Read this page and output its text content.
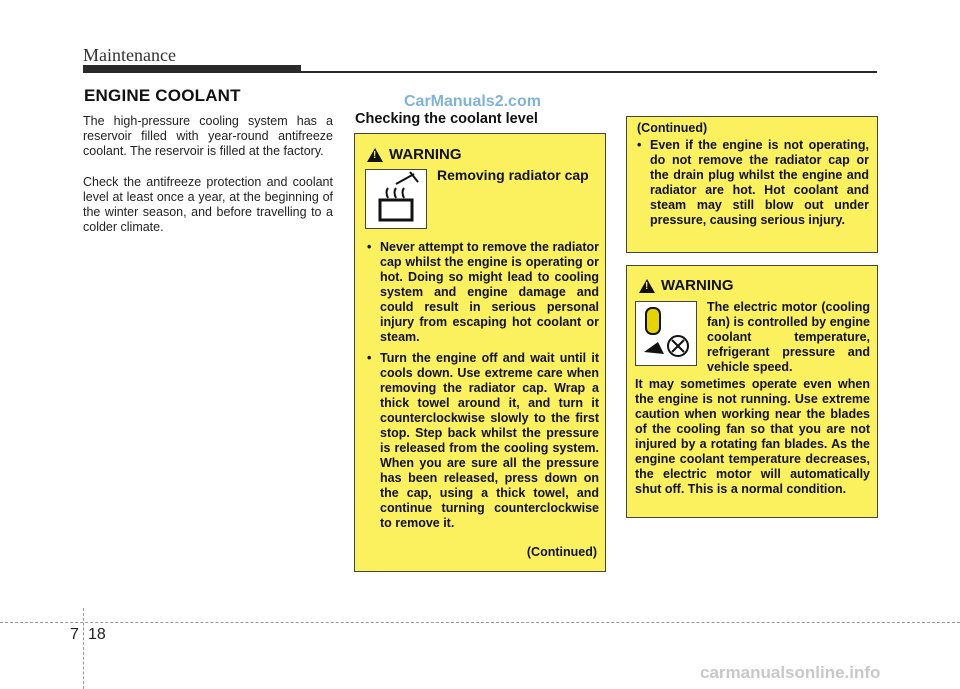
Maintenance
ENGINE COOLANT	CarManuals2.com
The high-pressure cooling system has a reservoir filled with year-round antifreeze coolant. The reservoir is filled at the factory.
Check the antifreeze protection and coolant level at least once a year, at the beginning of the winter season, and before travelling to a colder climate.
Checking the coolant level
!
WARNING
Removing radiator cap
• Never attempt to remove the radiator cap whilst the engine is operating or hot. Doing so might lead to cooling system and engine damage and could result in serious personal injury from escaping hot coolant or steam.
• Turn the engine off and wait until it cools down. Use extreme care when removing the radiator cap. Wrap a thick towel around it, and turn it counterclockwise slowly to the first stop. Step back whilst the pressure is released from the cooling system. When you are sure all the pressure has been released, press down on the cap, using a thick towel, and continue turning counterclockwise to remove it.
(Continued)
(Continued)
• Even if the engine is not operating, do not remove the radiator cap or the drain plug whilst the engine and radiator are hot. Hot coolant and steam may still blow out under pressure, causing serious injury.
!
WARNING
The electric motor (cooling fan) is controlled by engine coolant temperature, refrigerant pressure and vehicle speed.
It may sometimes operate even when the engine is not running. Use extreme caution when working near the blades of the cooling fan so that you are not injured by a rotating fan blades. As the engine coolant temperature decreases, the electric motor will automatically shut off. This is a normal condition.
7 18
carmanualsonline.info
